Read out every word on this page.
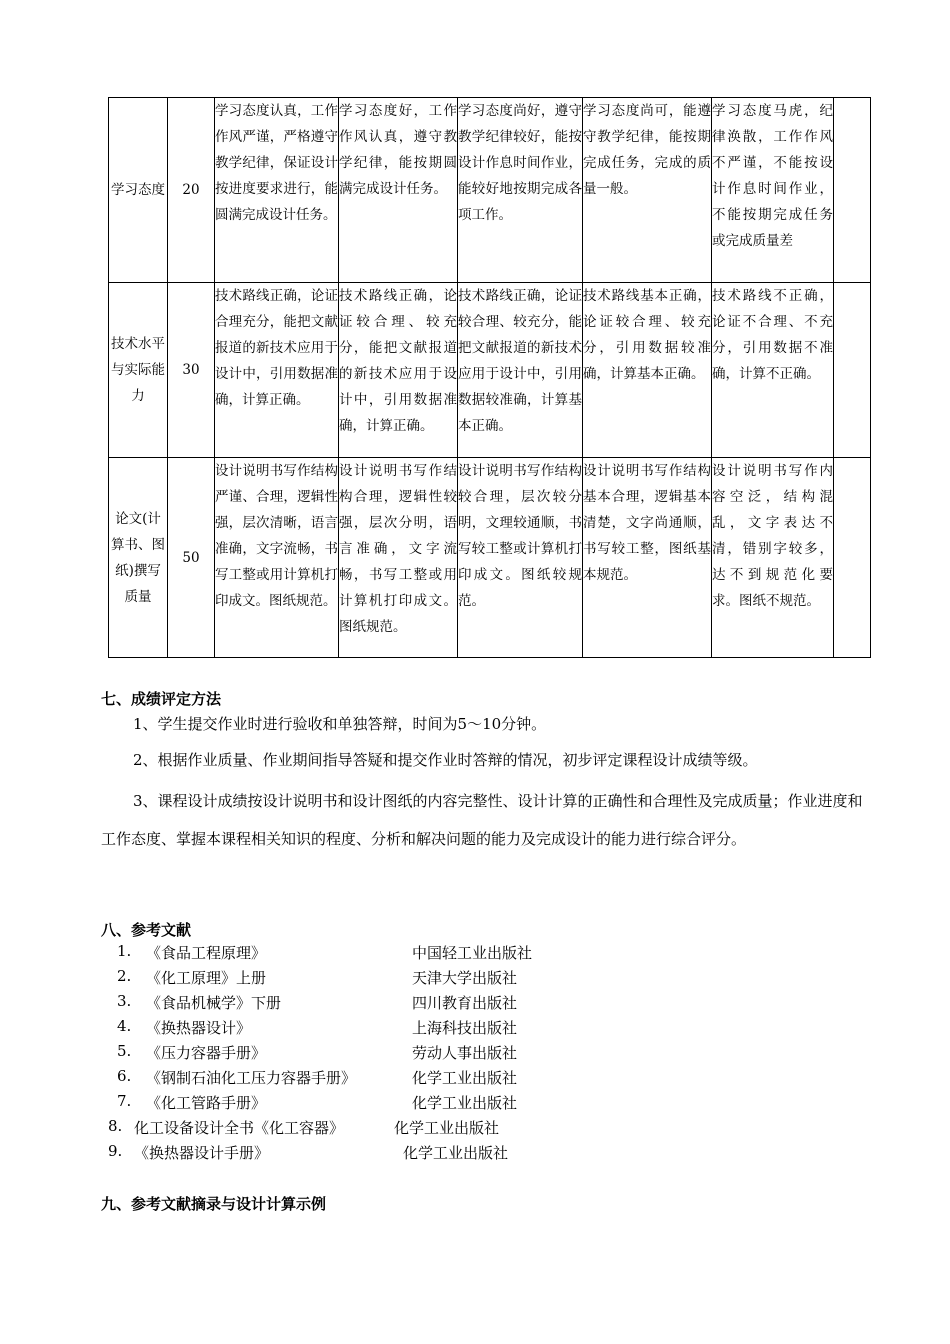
学习态度	20	学习态度认真，工作作风严谨，严格遵守教学纪律，保证设计按进度要求进行，能圆满完成设计任务。	学习态度好，工作作风认真，遵守教学纪律，能按期圆满完成设计任务。	学习态度尚好，遵守教学纪律较好，能按设计作息时间作业，能较好地按期完成各项工作。	学习态度尚可，能遵守教学纪律，能按期完成任务，完成的质量一般。	学习态度马虎，纪律涣散，工作作风不严谨，不能按设计作息时间作业，不能按期完成任务或完成质量差	
技术水平与实际能力	30	技术路线正确，论证合理充分，能把文献报道的新技术应用于设计中，引用数据准确，计算正确。	技术路线正确，论证较合理、较充分，能把文献报道的新技术应用于设计中，引用数据准确，计算正确。	技术路线正确，论证较合理、较充分，能把文献报道的新技术应用于设计中，引用数据较准确，计算基本正确。	技术路线基本正确，论证较合理、较充分，引用数据较准确，计算基本正确。	技术路线不正确，论证不合理、不充分，引用数据不准确，计算不正确。	
论文(计算书、图纸)撰写质量	50	设计说明书写作结构严谨、合理，逻辑性强，层次清晰，语言准确，文字流畅，书写工整或用计算机打印成文。图纸规范。	设计说明书写作结构合理，逻辑性较强，层次分明，语言准确，文字流畅，书写工整或用计算机打印成文。图纸规范。	设计说明书写作结构较合理，层次较分明，文理较通顺，书写较工整或计算机打印成文。图纸较规范。	设计说明书写作结构基本合理，逻辑基本清楚，文字尚通顺，书写较工整，图纸基本规范。	设计说明书写作内容空泛，结构混乱，文字表达不清，错别字较多，达不到规范化要求。图纸不规范。	
七、成绩评定方法
1、学生提交作业时进行验收和单独答辩，时间为5～10分钟。
2、根据作业质量、作业期间指导答疑和提交作业时答辩的情况，初步评定课程设计成绩等级。
3、课程设计成绩按设计说明书和设计图纸的内容完整性、设计计算的正确性和合理性及完成质量；作业进度和工作态度、掌握本课程相关知识的程度、分析和解决问题的能力及完成设计的能力进行综合评分。
八、参考文献
1. 《食品工程原理》	中国轻工业出版社
2. 《化工原理》上册	天津大学出版社
3. 《食品机械学》下册	四川教育出版社
4. 《换热器设计》	上海科技出版社
5. 《压力容器手册》	劳动人事出版社
6. 《钢制石油化工压力容器手册》	化学工业出版社
7. 《化工管路手册》	化学工业出版社
8. 化工设备设计全书《化工容器》	化学工业出版社
9. 《换热器设计手册》	化学工业出版社
九、参考文献摘录与设计计算示例
